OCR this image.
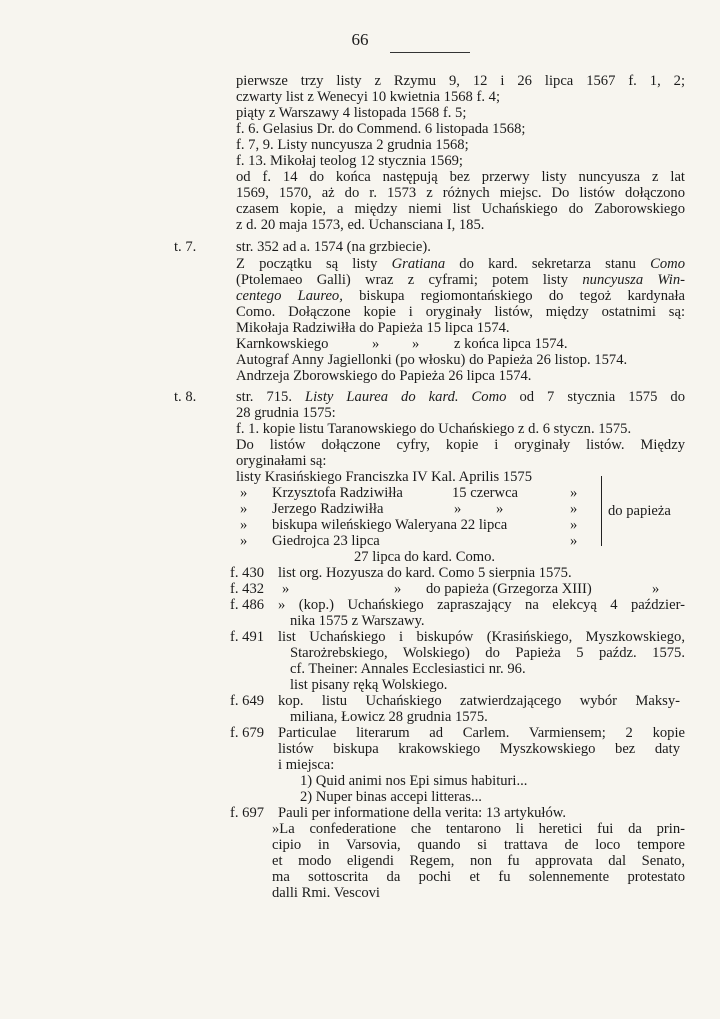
66
pierwsze trzy listy z Rzymu 9, 12 i 26 lipca 1567 f. 1, 2;
czwarty list z Wenecyi 10 kwietnia 1568 f. 4;
piąty z Warszawy 4 listopada 1568 f. 5;
f. 6. Gelasius Dr. do Commend. 6 listopada 1568;
f. 7, 9. Listy nuncyusza 2 grudnia 1568;
f. 13. Mikołaj teolog 12 stycznia 1569;
od f. 14 do końca następują bez przerwy listy nuncyusza z lat
1569, 1570, aż do r. 1573 z różnych miejsc. Do listów dołączono
czasem kopie, a między niemi list Uchańskiego do Zaborowskiego
z d. 20 maja 1573, ed. Uchansciana I, 185.
t. 7.	str. 352 ad a. 1574 (na grzbiecie).
Z początku są listy Gratiana do kard. sekretarza stanu Como
(Ptolemaeo Galli) wraz z cyframi; potem listy nuncyusza Win-
centego Laureo, biskupa regiomontańskiego do tegoż kardynała
Como. Dołączone kopie i oryginały listów, między ostatnimi są:
Mikołaja Radziwiłła do Papieża 15 lipca 1574.
Karnkowskiego	» » z końca lipca 1574.
Autograf Anny Jagiellonki (po włosku) do Papieża 26 listop. 1574.
Andrzeja Zborowskiego do Papieża 26 lipca 1574.
t. 8.	str. 715. Listy Laurea do kard. Como od 7 stycznia 1575 do
28 grudnia 1575:
f. 1. kopie listu Taranowskiego do Uchańskiego z d. 6 styczn. 1575.
Do listów dołączone cyfry, kopie i oryginały listów. Między
oryginałami są:
listy Krasińskiego Franciszka IV Kal. Aprilis 1575
» Krzysztofa Radziwiłła	15 czerwca	»
» Jerzego Radziwiłła	» »	»
» biskupa wileńskiego Waleryana 22 lipca	»
» Giedrojca 23 lipca	»
do papieża
27 lipca do kard. Como.
f. 430 list org. Hozyusza do kard. Como 5 sierpnia 1575.
f. 432 »	» do papieża (Grzegorza XIII)	»
f. 486 » (kop.) Uchańskiego zapraszający na elekcyą 4 paździer-
nika 1575 z Warszawy.
f. 491 list Uchańskiego i biskupów (Krasińskiego, Myszkowskiego,
Starożrebskiego, Wolskiego) do Papieża 5 paźdz. 1575.
cf. Theiner: Annales Ecclesiastici nr. 96.
list pisany ręką Wolskiego.
f. 649 kop. listu Uchańskiego zatwierdzającego wybór Maksy-
miliana, Łowicz 28 grudnia 1575.
f. 679 Particulae literarum ad Carlem. Varmiensem; 2 kopie
listów biskupa krakowskiego Myszkowskiego bez daty
i miejsca:
1) Quid animi nos Epi simus habituri...
2) Nuper binas accepi litteras...
f. 697 Pauli per informatione della verita: 13 artykułów.
»La confederatione che tentarono li heretici fui da prin-
cipio in Varsovia, quando si trattava de loco tempore
et modo eligendi Regem, non fu approvata dal Senato,
ma sottoscrita da pochi et fu solennemente protestato
dalli Rmi. Vescovi
